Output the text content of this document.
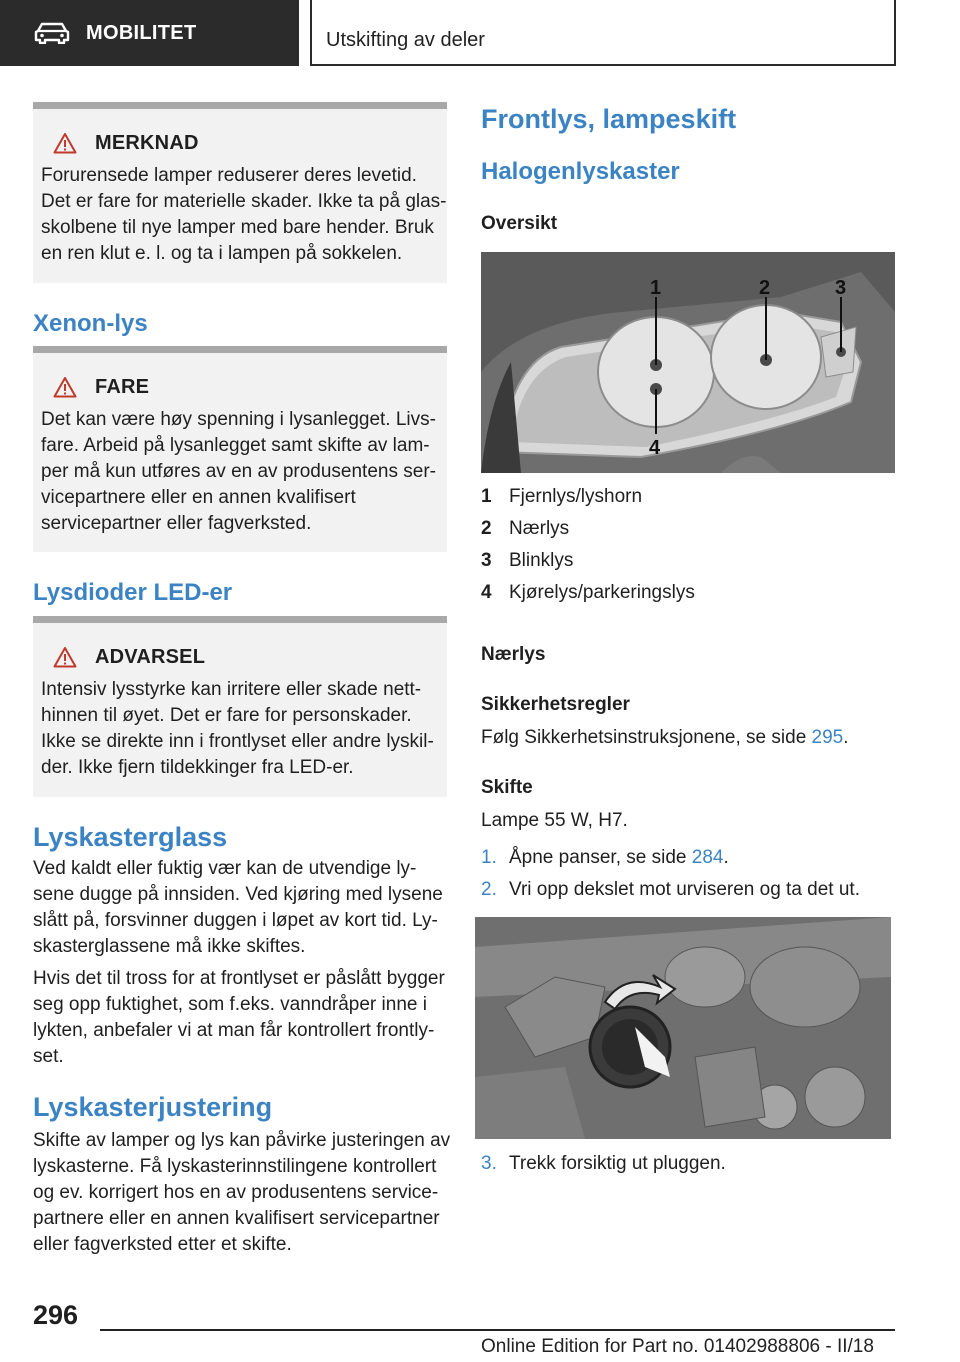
MOBILITET	Utskifting av deler
MERKNAD
Forurensede lamper reduserer deres levetid.
Det er fare for materielle skader. Ikke ta på glas‐
skolbene til nye lamper med bare hender. Bruk
en ren klut e. l. og ta i lampen på sokkelen.
Xenon-lys
FARE
Det kan være høy spenning i lysanlegget. Livs‐
fare. Arbeid på lysanlegget samt skifte av lam‐
per må kun utføres av en av produsentens ser‐
vicepartnere eller en annen kvalifisert
servicepartner eller fagverksted.
Lysdioder LED-er
ADVARSEL
Intensiv lysstyrke kan irritere eller skade nett‐
hinnen til øyet. Det er fare for personskader.
Ikke se direkte inn i frontlyset eller andre lyskil‐
der. Ikke fjern tildekkinger fra LED-er.
Lyskasterglass
Ved kaldt eller fuktig vær kan de utvendige ly‐
sene dugge på innsiden. Ved kjøring med lysene
slått på, forsvinner duggen i løpet av kort tid. Ly‐
skasterglassene må ikke skiftes.
Hvis det til tross for at frontlyset er påslått bygger
seg opp fuktighet, som f.eks. vanndråper inne i
lykten, anbefaler vi at man får kontrollert frontly‐
set.
Lyskasterjustering
Skifte av lamper og lys kan påvirke justeringen av
lyskasterne. Få lyskasterinnstilingene kontrollert
og ev. korrigert hos en av produsentens service‐
partnere eller en annen kvalifisert servicepartner
eller fagverksted etter et skifte.
Frontlys, lampeskift
Halogenlyskaster
Oversikt
1	2	3
4
1 Fjernlys/lyshorn
2 Nærlys
3 Blinklys
4 Kjørelys/parkeringslys
Nærlys
Sikkerhetsregler
Følg Sikkerhetsinstruksjonene, se side 295.
Skifte
Lampe 55 W, H7.
1. Åpne panser, se side 284.
2. Vri opp dekslet mot urviseren og ta det ut.
3. Trekk forsiktig ut pluggen.
296
Online Edition for Part no. 01402988806 - II/18
